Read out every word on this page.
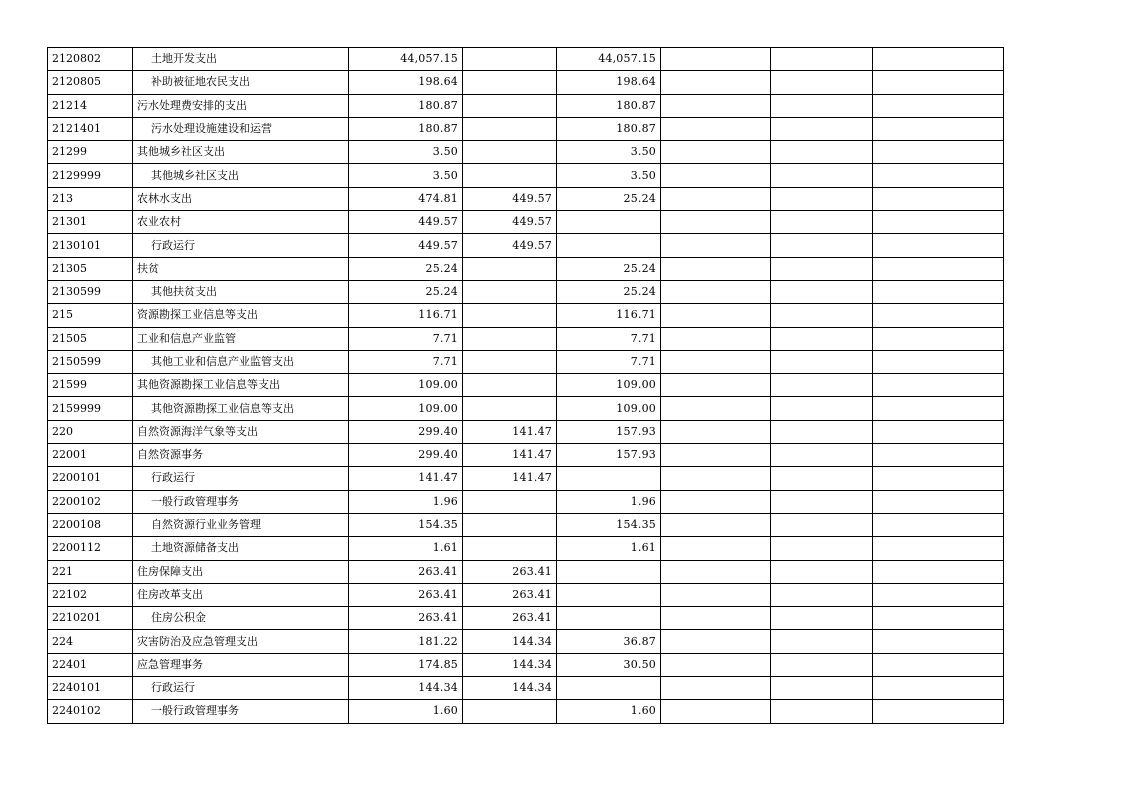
2120802	土地开发支出	44,057.15		44,057.15			
2120805	补助被征地农民支出	198.64		198.64			
21214	污水处理费安排的支出	180.87		180.87			
2121401	污水处理设施建设和运营	180.87		180.87			
21299	其他城乡社区支出	3.50		3.50			
2129999	其他城乡社区支出	3.50		3.50			
213	农林水支出	474.81	449.57	25.24			
21301	农业农村	449.57	449.57				
2130101	行政运行	449.57	449.57				
21305	扶贫	25.24		25.24			
2130599	其他扶贫支出	25.24		25.24			
215	资源勘探工业信息等支出	116.71		116.71			
21505	工业和信息产业监管	7.71		7.71			
2150599	其他工业和信息产业监管支出	7.71		7.71			
21599	其他资源勘探工业信息等支出	109.00		109.00			
2159999	其他资源勘探工业信息等支出	109.00		109.00			
220	自然资源海洋气象等支出	299.40	141.47	157.93			
22001	自然资源事务	299.40	141.47	157.93			
2200101	行政运行	141.47	141.47				
2200102	一般行政管理事务	1.96		1.96			
2200108	自然资源行业业务管理	154.35		154.35			
2200112	土地资源储备支出	1.61		1.61			
221	住房保障支出	263.41	263.41				
22102	住房改革支出	263.41	263.41				
2210201	住房公积金	263.41	263.41				
224	灾害防治及应急管理支出	181.22	144.34	36.87			
22401	应急管理事务	174.85	144.34	30.50			
2240101	行政运行	144.34	144.34				
2240102	一般行政管理事务	1.60		1.60			
